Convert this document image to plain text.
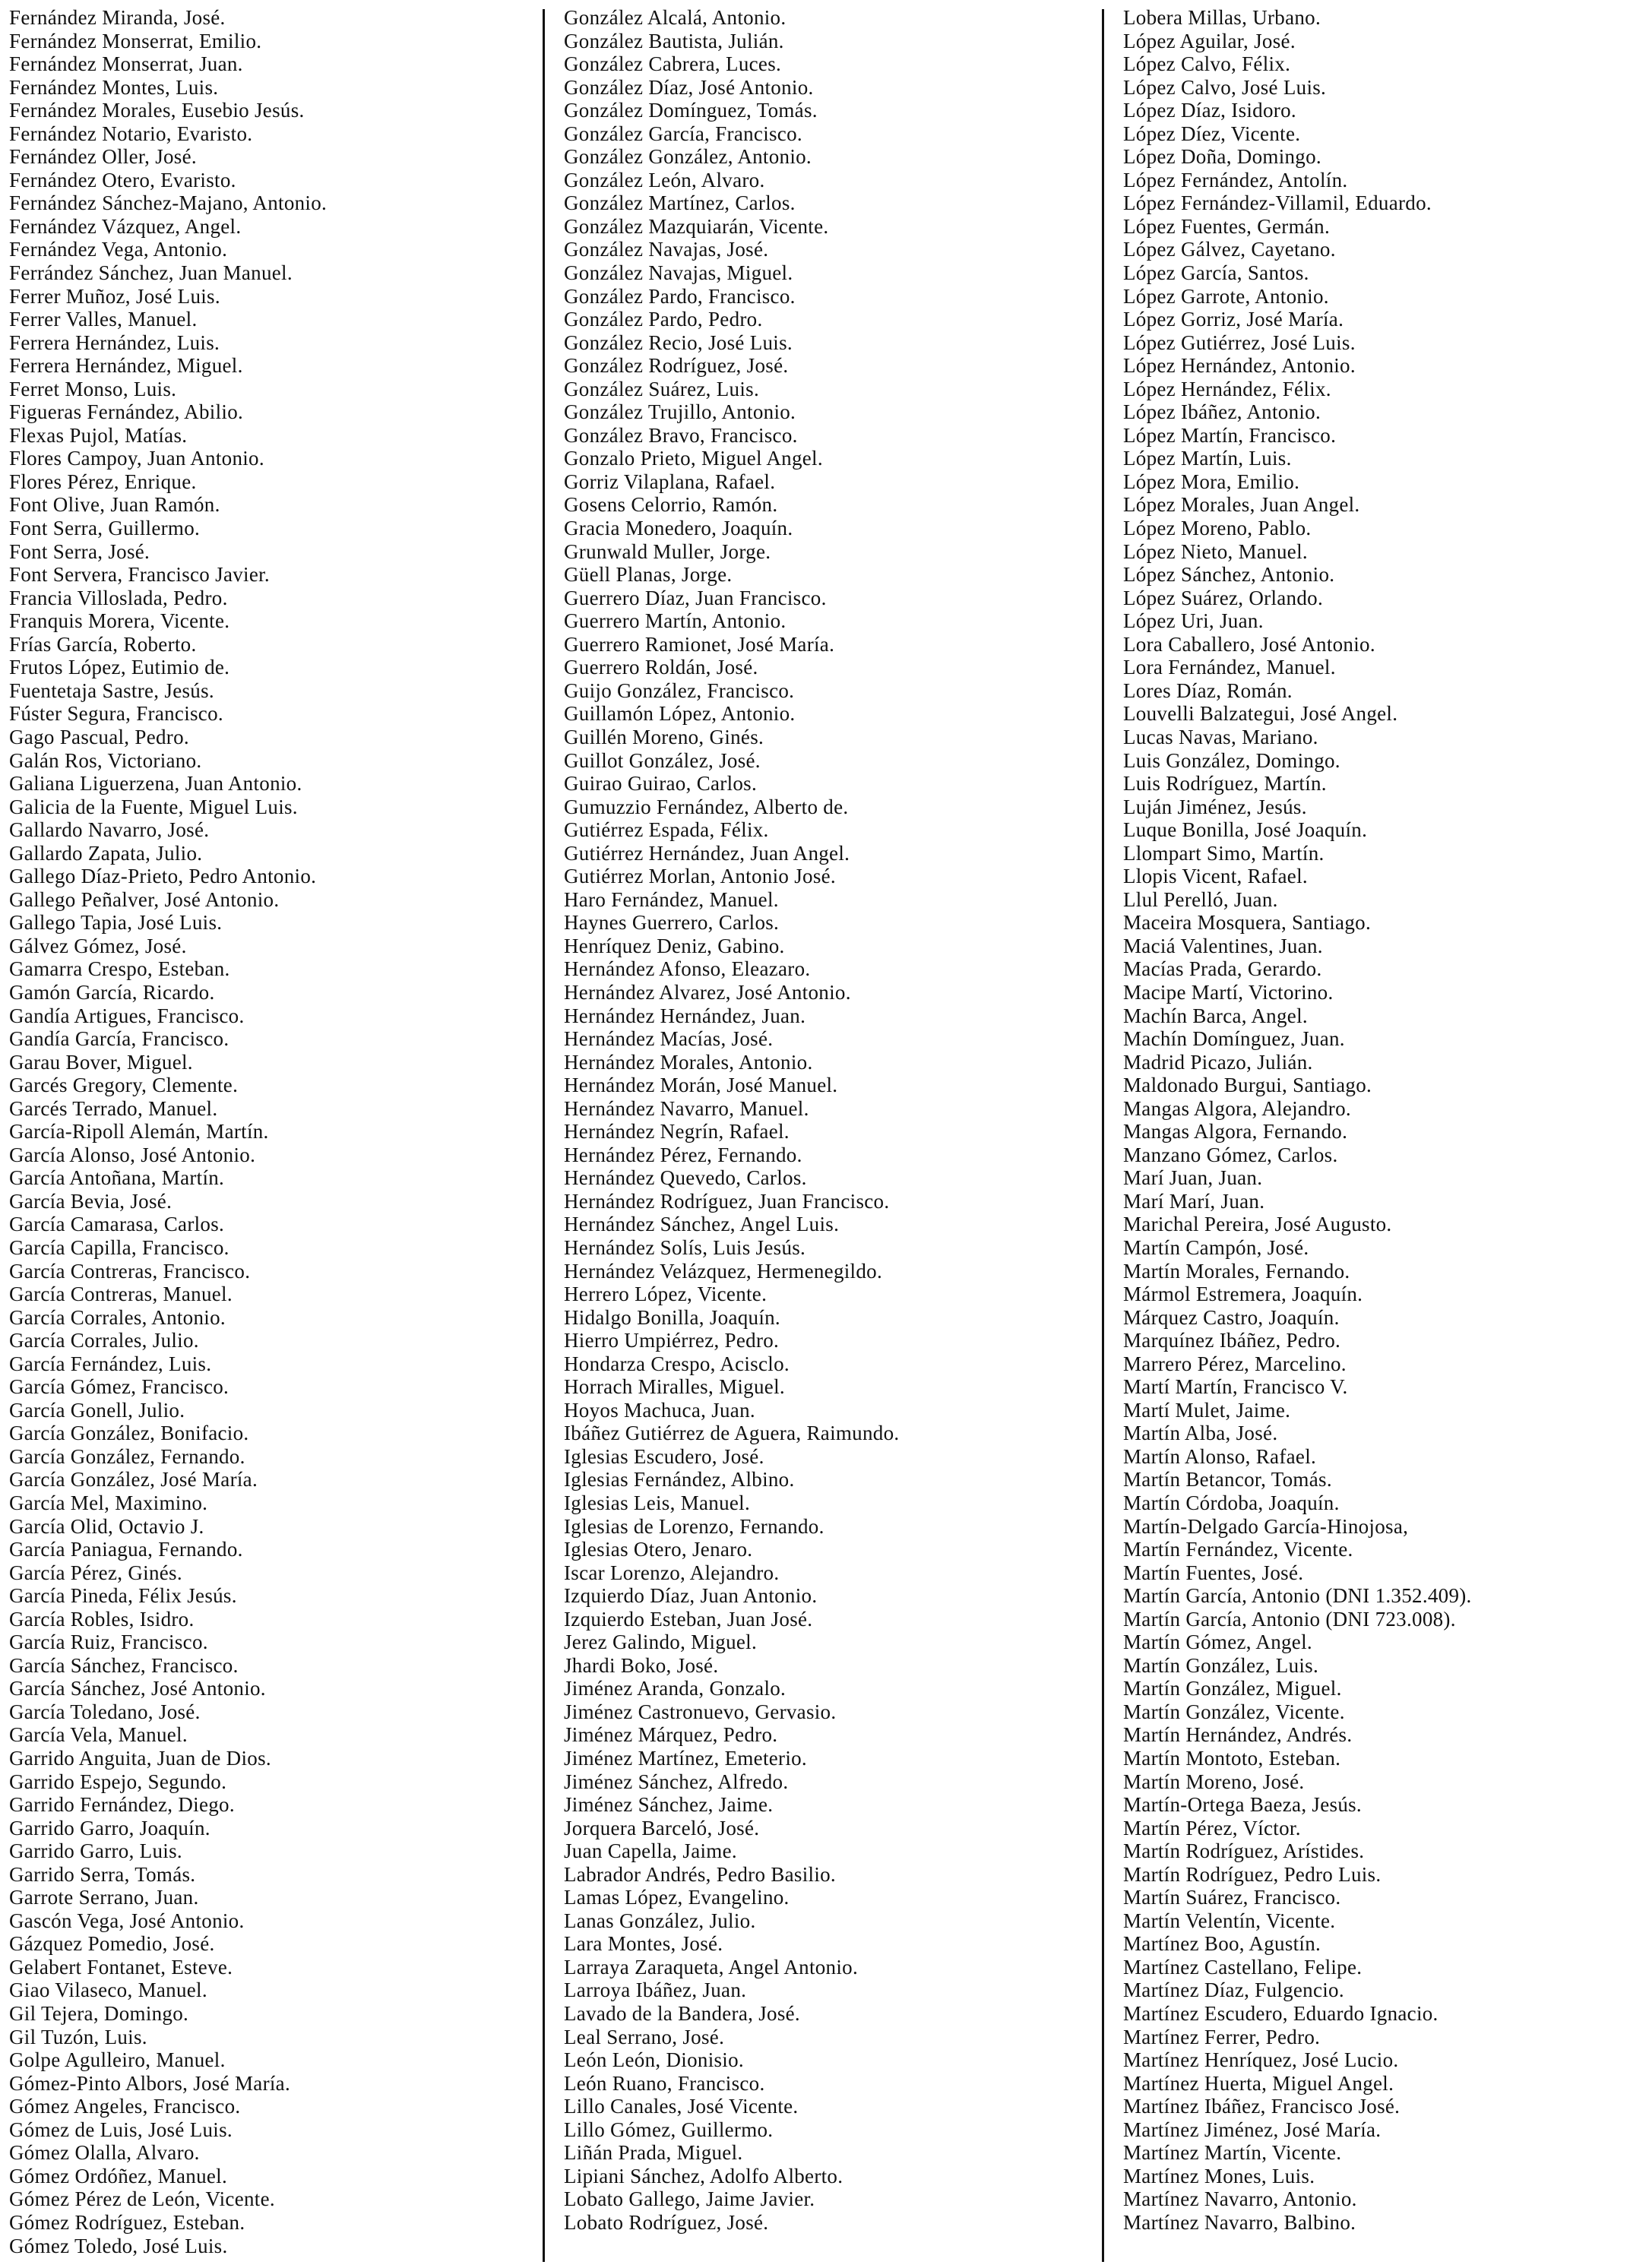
Fernández Miranda, José.
Fernández Monserrat, Emilio.
Fernández Monserrat, Juan.
Fernández Montes, Luis.
Fernández Morales, Eusebio Jesús.
Fernández Notario, Evaristo.
Fernández Oller, José.
Fernández Otero, Evaristo.
Fernández Sánchez-Majano, Antonio.
Fernández Vázquez, Angel.
Fernández Vega, Antonio.
Ferrández Sánchez, Juan Manuel.
Ferrer Muñoz, José Luis.
Ferrer Valles, Manuel.
Ferrera Hernández, Luis.
Ferrera Hernández, Miguel.
Ferret Monso, Luis.
Figueras Fernández, Abilio.
Flexas Pujol, Matías.
Flores Campoy, Juan Antonio.
Flores Pérez, Enrique.
Font Olive, Juan Ramón.
Font Serra, Guillermo.
Font Serra, José.
Font Servera, Francisco Javier.
Francia Villoslada, Pedro.
Franquis Morera, Vicente.
Frías García, Roberto.
Frutos López, Eutimio de.
Fuentetaja Sastre, Jesús.
Fúster Segura, Francisco.
Gago Pascual, Pedro.
Galán Ros, Victoriano.
Galiana Liguerzena, Juan Antonio.
Galicia de la Fuente, Miguel Luis.
Gallardo Navarro, José.
Gallardo Zapata, Julio.
Gallego Díaz-Prieto, Pedro Antonio.
Gallego Peñalver, José Antonio.
Gallego Tapia, José Luis.
Gálvez Gómez, José.
Gamarra Crespo, Esteban.
Gamón García, Ricardo.
Gandía Artigues, Francisco.
Gandía García, Francisco.
Garau Bover, Miguel.
Garcés Gregory, Clemente.
Garcés Terrado, Manuel.
García-Ripoll Alemán, Martín.
García Alonso, José Antonio.
García Antoñana, Martín.
García Bevia, José.
García Camarasa, Carlos.
García Capilla, Francisco.
García Contreras, Francisco.
García Contreras, Manuel.
García Corrales, Antonio.
García Corrales, Julio.
García Fernández, Luis.
García Gómez, Francisco.
García Gonell, Julio.
García González, Bonifacio.
García González, Fernando.
García González, José María.
García Mel, Maximino.
García Olid, Octavio J.
García Paniagua, Fernando.
García Pérez, Ginés.
García Pineda, Félix Jesús.
García Robles, Isidro.
García Ruiz, Francisco.
García Sánchez, Francisco.
García Sánchez, José Antonio.
García Toledano, José.
García Vela, Manuel.
Garrido Anguita, Juan de Dios.
Garrido Espejo, Segundo.
Garrido Fernández, Diego.
Garrido Garro, Joaquín.
Garrido Garro, Luis.
Garrido Serra, Tomás.
Garrote Serrano, Juan.
Gascón Vega, José Antonio.
Gázquez Pomedio, José.
Gelabert Fontanet, Esteve.
Giao Vilaseco, Manuel.
Gil Tejera, Domingo.
Gil Tuzón, Luis.
Golpe Agulleiro, Manuel.
Gómez-Pinto Albors, José María.
Gómez Angeles, Francisco.
Gómez de Luis, José Luis.
Gómez Olalla, Alvaro.
Gómez Ordóñez, Manuel.
Gómez Pérez de León, Vicente.
Gómez Rodríguez, Esteban.
Gómez Toledo, José Luis.
González Alcalá, Antonio.
González Bautista, Julián.
González Cabrera, Luces.
González Díaz, José Antonio.
González Domínguez, Tomás.
González García, Francisco.
González González, Antonio.
González León, Alvaro.
González Martínez, Carlos.
González Mazquiarán, Vicente.
González Navajas, José.
González Navajas, Miguel.
González Pardo, Francisco.
González Pardo, Pedro.
González Recio, José Luis.
González Rodríguez, José.
González Suárez, Luis.
González Trujillo, Antonio.
González Bravo, Francisco.
Gonzalo Prieto, Miguel Angel.
Gorriz Vilaplana, Rafael.
Gosens Celorrio, Ramón.
Gracia Monedero, Joaquín.
Grunwald Muller, Jorge.
Güell Planas, Jorge.
Guerrero Díaz, Juan Francisco.
Guerrero Martín, Antonio.
Guerrero Ramionet, José María.
Guerrero Roldán, José.
Guijo González, Francisco.
Guillamón López, Antonio.
Guillén Moreno, Ginés.
Guillot González, José.
Guirao Guirao, Carlos.
Gumuzzio Fernández, Alberto de.
Gutiérrez Espada, Félix.
Gutiérrez Hernández, Juan Angel.
Gutiérrez Morlan, Antonio José.
Haro Fernández, Manuel.
Haynes Guerrero, Carlos.
Henríquez Deniz, Gabino.
Hernández Afonso, Eleazaro.
Hernández Alvarez, José Antonio.
Hernández Hernández, Juan.
Hernández Macías, José.
Hernández Morales, Antonio.
Hernández Morán, José Manuel.
Hernández Navarro, Manuel.
Hernández Negrín, Rafael.
Hernández Pérez, Fernando.
Hernández Quevedo, Carlos.
Hernández Rodríguez, Juan Francisco.
Hernández Sánchez, Angel Luis.
Hernández Solís, Luis Jesús.
Hernández Velázquez, Hermenegildo.
Herrero López, Vicente.
Hidalgo Bonilla, Joaquín.
Hierro Umpiérrez, Pedro.
Hondarza Crespo, Acisclo.
Horrach Miralles, Miguel.
Hoyos Machuca, Juan.
Ibáñez Gutiérrez de Aguera, Raimundo.
Iglesias Escudero, José.
Iglesias Fernández, Albino.
Iglesias Leis, Manuel.
Iglesias de Lorenzo, Fernando.
Iglesias Otero, Jenaro.
Iscar Lorenzo, Alejandro.
Izquierdo Díaz, Juan Antonio.
Izquierdo Esteban, Juan José.
Jerez Galindo, Miguel.
Jhardi Boko, José.
Jiménez Aranda, Gonzalo.
Jiménez Castronuevo, Gervasio.
Jiménez Márquez, Pedro.
Jiménez Martínez, Emeterio.
Jiménez Sánchez, Alfredo.
Jiménez Sánchez, Jaime.
Jorquera Barceló, José.
Juan Capella, Jaime.
Labrador Andrés, Pedro Basilio.
Lamas López, Evangelino.
Lanas González, Julio.
Lara Montes, José.
Larraya Zaraqueta, Angel Antonio.
Larroya Ibáñez, Juan.
Lavado de la Bandera, José.
Leal Serrano, José.
León León, Dionisio.
León Ruano, Francisco.
Lillo Canales, José Vicente.
Lillo Gómez, Guillermo.
Liñán Prada, Miguel.
Lipiani Sánchez, Adolfo Alberto.
Lobato Gallego, Jaime Javier.
Lobato Rodríguez, José.
Lobera Millas, Urbano.
López Aguilar, José.
López Calvo, Félix.
López Calvo, José Luis.
López Díaz, Isidoro.
López Díez, Vicente.
López Doña, Domingo.
López Fernández, Antolín.
López Fernández-Villamil, Eduardo.
López Fuentes, Germán.
López Gálvez, Cayetano.
López García, Santos.
López Garrote, Antonio.
López Gorriz, José María.
López Gutiérrez, José Luis.
López Hernández, Antonio.
López Hernández, Félix.
López Ibáñez, Antonio.
López Martín, Francisco.
López Martín, Luis.
López Mora, Emilio.
López Morales, Juan Angel.
López Moreno, Pablo.
López Nieto, Manuel.
López Sánchez, Antonio.
López Suárez, Orlando.
López Uri, Juan.
Lora Caballero, José Antonio.
Lora Fernández, Manuel.
Lores Díaz, Román.
Louvelli Balzategui, José Angel.
Lucas Navas, Mariano.
Luis González, Domingo.
Luis Rodríguez, Martín.
Luján Jiménez, Jesús.
Luque Bonilla, José Joaquín.
Llompart Simo, Martín.
Llopis Vicent, Rafael.
Llul Perelló, Juan.
Maceira Mosquera, Santiago.
Maciá Valentines, Juan.
Macías Prada, Gerardo.
Macipe Martí, Victorino.
Machín Barca, Angel.
Machín Domínguez, Juan.
Madrid Picazo, Julián.
Maldonado Burgui, Santiago.
Mangas Algora, Alejandro.
Mangas Algora, Fernando.
Manzano Gómez, Carlos.
Marí Juan, Juan.
Marí Marí, Juan.
Marichal Pereira, José Augusto.
Martín Campón, José.
Martín Morales, Fernando.
Mármol Estremera, Joaquín.
Márquez Castro, Joaquín.
Marquínez Ibáñez, Pedro.
Marrero Pérez, Marcelino.
Martí Martín, Francisco V.
Martí Mulet, Jaime.
Martín Alba, José.
Martín Alonso, Rafael.
Martín Betancor, Tomás.
Martín Córdoba, Joaquín.
Martín-Delgado García-Hinojosa,
Martín Fernández, Vicente.
Martín Fuentes, José.
Martín García, Antonio (DNI 1.352.409).
Martín García, Antonio (DNI 723.008).
Martín Gómez, Angel.
Martín González, Luis.
Martín González, Miguel.
Martín González, Vicente.
Martín Hernández, Andrés.
Martín Montoto, Esteban.
Martín Moreno, José.
Martín-Ortega Baeza, Jesús.
Martín Pérez, Víctor.
Martín Rodríguez, Arístides.
Martín Rodríguez, Pedro Luis.
Martín Suárez, Francisco.
Martín Velentín, Vicente.
Martínez Boo, Agustín.
Martínez Castellano, Felipe.
Martínez Díaz, Fulgencio.
Martínez Escudero, Eduardo Ignacio.
Martínez Ferrer, Pedro.
Martínez Henríquez, José Lucio.
Martínez Huerta, Miguel Angel.
Martínez Ibáñez, Francisco José.
Martínez Jiménez, José María.
Martínez Martín, Vicente.
Martínez Mones, Luis.
Martínez Navarro, Antonio.
Martínez Navarro, Balbino.
